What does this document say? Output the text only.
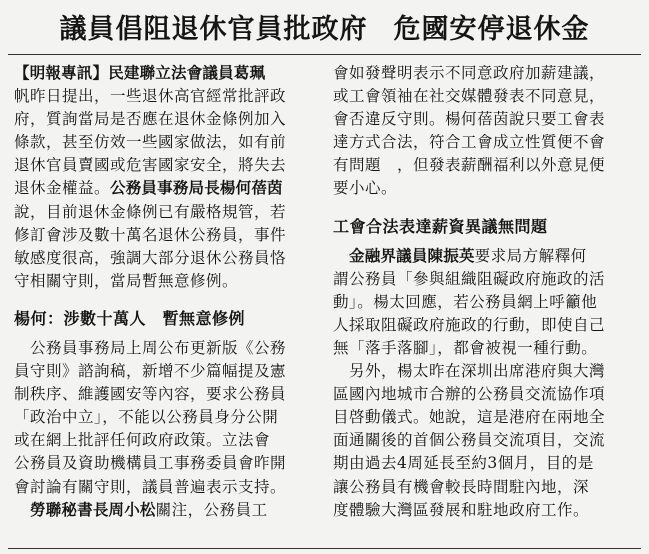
議員倡阻退休官員批政府 危國安停退休金
【明報專訊】民建聯立法會議員葛珮
帆昨日提出，一些退休高官經常批評政
府，質詢當局是否應在退休金條例加入
條款，甚至仿效一些國家做法，如有前
退休官員賣國或危害國家安全，將失去
退休金權益。公務員事務局長楊何蓓茵
說，目前退休金條例已有嚴格規管，若
修訂會涉及數十萬名退休公務員，事件
敏感度很高，強調大部分退休公務員恪
守相關守則，當局暫無意修例。
楊何：涉數十萬人　暫無意修例
　公務員事務局上周公布更新版《公務
員守則》諮詢稿，新增不少篇幅提及憲
制秩序、維護國安等內容，要求公務員
「政治中立」，不能以公務員身分公開
或在網上批評任何政府政策。立法會
公務員及資助機構員工事務委員會昨開
會討論有關守則，議員普遍表示支持。
　勞聯秘書長周小松關注，公務員工
會如發聲明表示不同意政府加薪建議，
或工會領袖在社交媒體發表不同意見，
會否違反守則。楊何蓓茵說只要工會表
達方式合法，符合工會成立性質便不會
有問題　，但發表薪酬福利以外意見便
要小心。
工會合法表達薪資異議無問題
　金融界議員陳振英要求局方解釋何
謂公務員「參與組織阻礙政府施政的活
動」。楊太回應，若公務員網上呼籲他
人採取阻礙政府施政的行動，即使自己
無「落手落腳」，都會被視一種行動。
　另外，楊太昨在深圳出席港府與大灣
區國內地城市合辦的公務員交流協作項
目啓動儀式。她說，這是港府在兩地全
面通關後的首個公務員交流項目，交流
期由過去4周延長至約3個月，目的是
讓公務員有機會較長時間駐內地，深
度體驗大灣區發展和駐地政府工作。
